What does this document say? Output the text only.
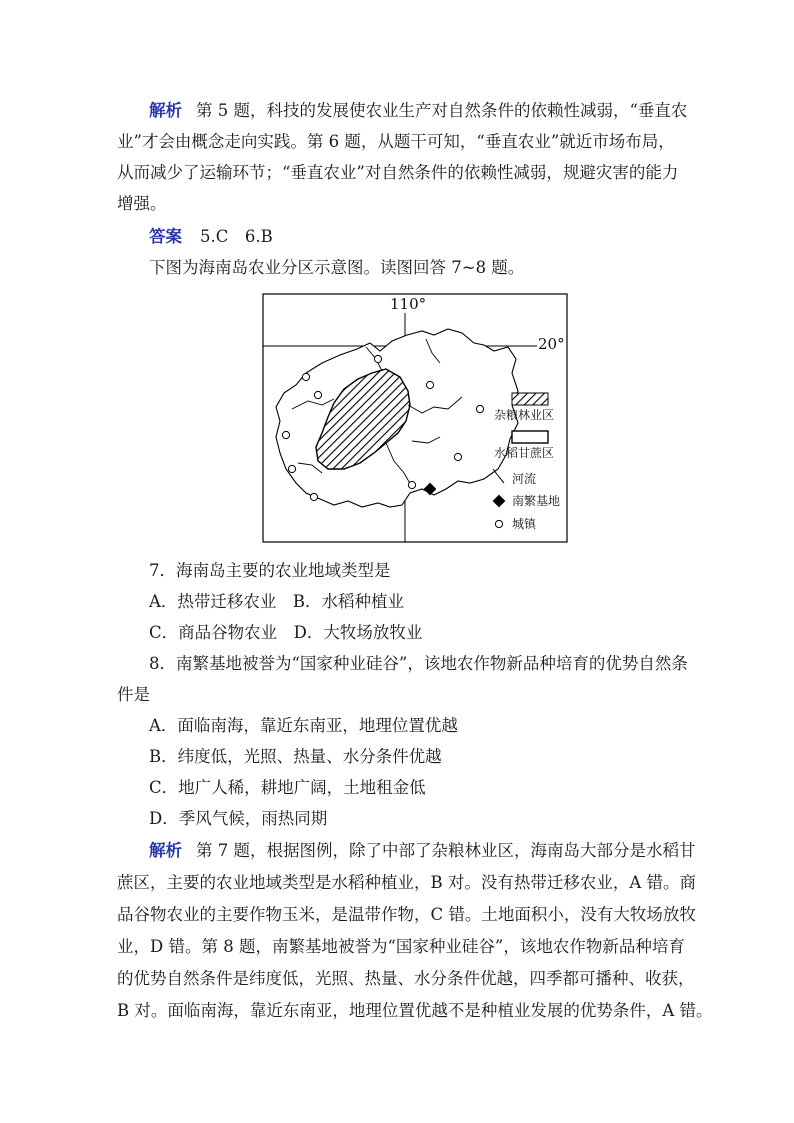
解析 第 5 题，科技的发展使农业生产对自然条件的依赖性减弱，“垂直农
业”才会由概念走向实践。第 6 题，从题干可知，“垂直农业”就近市场布局，
从而减少了运输环节；“垂直农业”对自然条件的依赖性减弱，规避灾害的能力
增强。
答案 5.C　6.B
下图为海南岛农业分区示意图。读图回答 7~8 题。
110°
20°
杂粮林业区
水稻甘蔗区
河流
南繁基地
城镇
7．海南岛主要的农业地域类型是
A．热带迁移农业　B．水稻种植业
C．商品谷物农业　D．大牧场放牧业
8．南繁基地被誉为“国家种业硅谷”，该地农作物新品种培育的优势自然条
件是
A．面临南海，靠近东南亚，地理位置优越
B．纬度低，光照、热量、水分条件优越
C．地广人稀，耕地广阔，土地租金低
D．季风气候，雨热同期
解析 第 7 题，根据图例，除了中部了杂粮林业区，海南岛大部分是水稻甘
蔗区，主要的农业地域类型是水稻种植业，B 对。没有热带迁移农业，A 错。商
品谷物农业的主要作物玉米，是温带作物，C 错。土地面积小，没有大牧场放牧
业，D 错。第 8 题，南繁基地被誉为“国家种业硅谷”，该地农作物新品种培育
的优势自然条件是纬度低，光照、热量、水分条件优越，四季都可播种、收获，
B 对。面临南海，靠近东南亚，地理位置优越不是种植业发展的优势条件，A 错。
